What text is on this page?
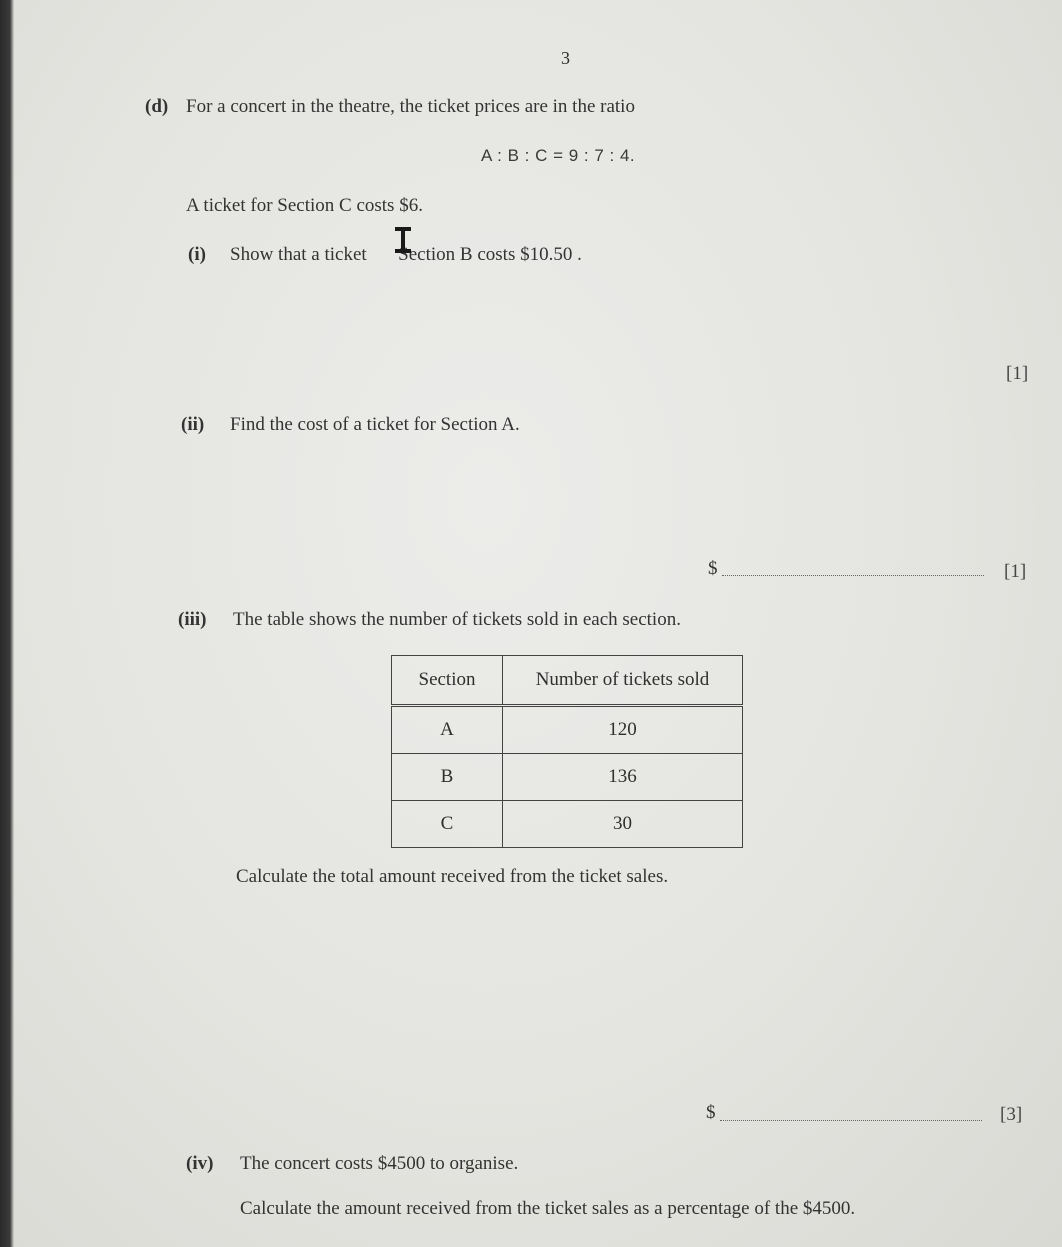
3
(d) For a concert in the theatre, the ticket prices are in the ratio
A : B : C = 9 : 7 : 4.
A ticket for Section C costs $6.
(i) Show that a ticket  Section B costs $10.50 .
[1]
(ii) Find the cost of a ticket for Section A.
$	[1]
(iii) The table shows the number of tickets sold in each section.
Section	Number of tickets sold
A	120
B	136
C	30
Calculate the total amount received from the ticket sales.
$	[3]
(iv) The concert costs $4500 to organise.
Calculate the amount received from the ticket sales as a percentage of the $4500.
